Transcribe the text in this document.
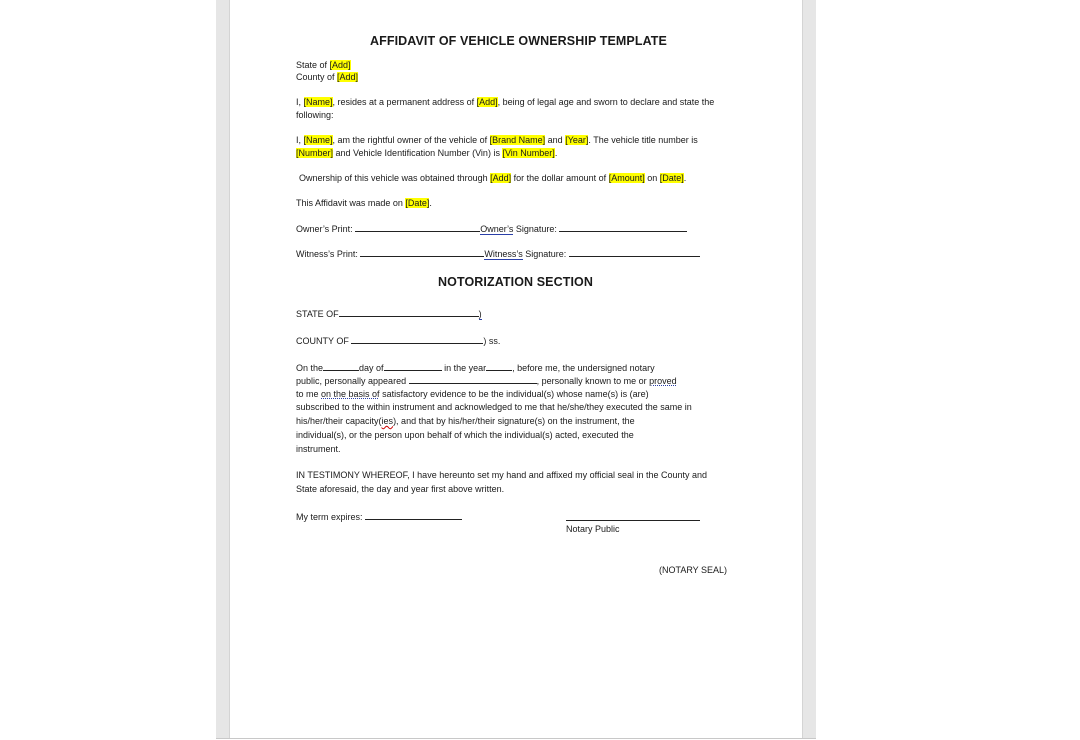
AFFIDAVIT OF VEHICLE OWNERSHIP TEMPLATE
State of [Add]
County of [Add]
I, [Name], resides at a permanent address of [Add], being of legal age and sworn to declare and state the
following:
I, [Name], am the rightful owner of the vehicle of [Brand Name] and [Year]. The vehicle title number is
[Number] and Vehicle Identification Number (Vin) is [Vin Number].
Ownership of this vehicle was obtained through [Add] for the dollar amount of [Amount] on [Date].
This Affidavit was made on [Date].
Owner’s Print:	Owner’s Signature:
Witness’s Print:	Witness’s Signature:
NOTORIZATION SECTION
STATE OF	)
COUNTY OF	) ss.
On the	day of	in the year	, before me, the undersigned notary
public, personally appeared	, personally known to me or proved
to me on the basis of satisfactory evidence to be the individual(s) whose name(s) is (are)
subscribed to the within instrument and acknowledged to me that he/she/they executed the same in
his/her/their capacity(ies), and that by his/her/their signature(s) on the instrument, the
individual(s), or the person upon behalf of which the individual(s) acted, executed the
instrument.
IN TESTIMONY WHEREOF, I have hereunto set my hand and affixed my official seal in the County and
State aforesaid, the day and year first above written.
My term expires:
Notary Public
(NOTARY SEAL)
